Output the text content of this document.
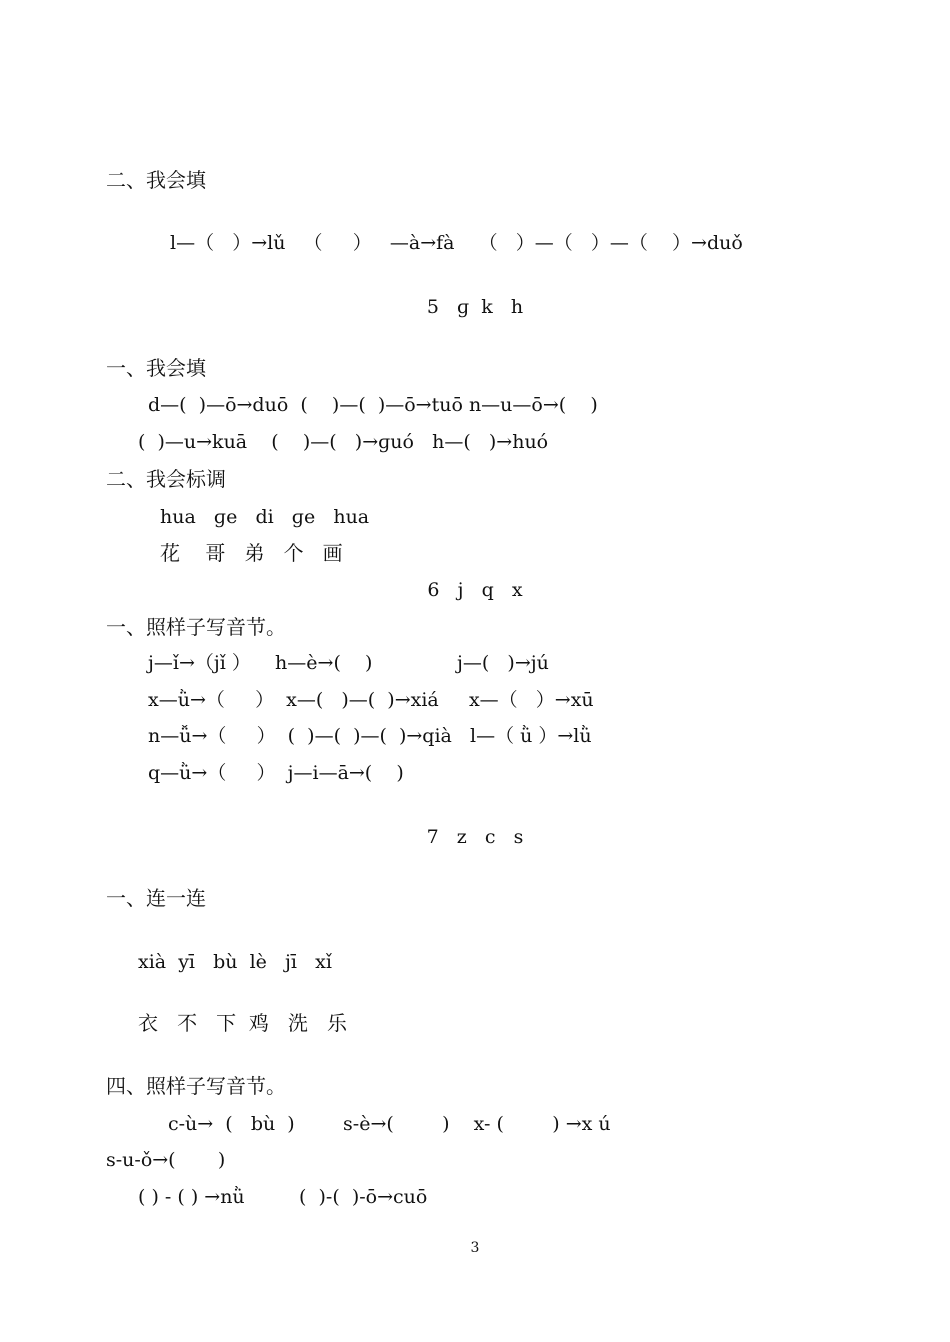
二、我会填
l—（   ）→lǔ   （     ）   —à→fà    （   ）—（   ）—（    ）→duǒ
5   ɡ  k   h
一、我会填
d—(  )—ō→duō  (    )—(  )—ō→tuō n—u—ō→(    )
(  )—u→kuā    (    )—(   )→ɡuó   h—(   )→huó
二、我会标调
hua   ɡe   di   ɡe   hua
花    哥   弟   个   画
6   j   q   x
一、照样子写音节。
j—ǐ→（jǐ ）    h—è→(    )              j—(   )→jú
x—ǜ→（     ）  x—(   )—(  )→xiá     x—（   ）→xū
n—ǚ→（     ）  (  )—(  )—(  )→qià   l—（ ǜ ）→lǜ
q—ǜ→（     ）  j—i—ā→(    )
7   z   c   s
一、连一连
xià  yī   bù  lè   jī   xǐ
衣   不   下  鸡   洗   乐
四、照样子写音节。
c-ù→  (   bù  )        s-è→(        )    x- (        ) →x ú
s-u-ǒ→(       )
( ) - ( ) →nǜ         (  )-(  )-ō→cuō
3
